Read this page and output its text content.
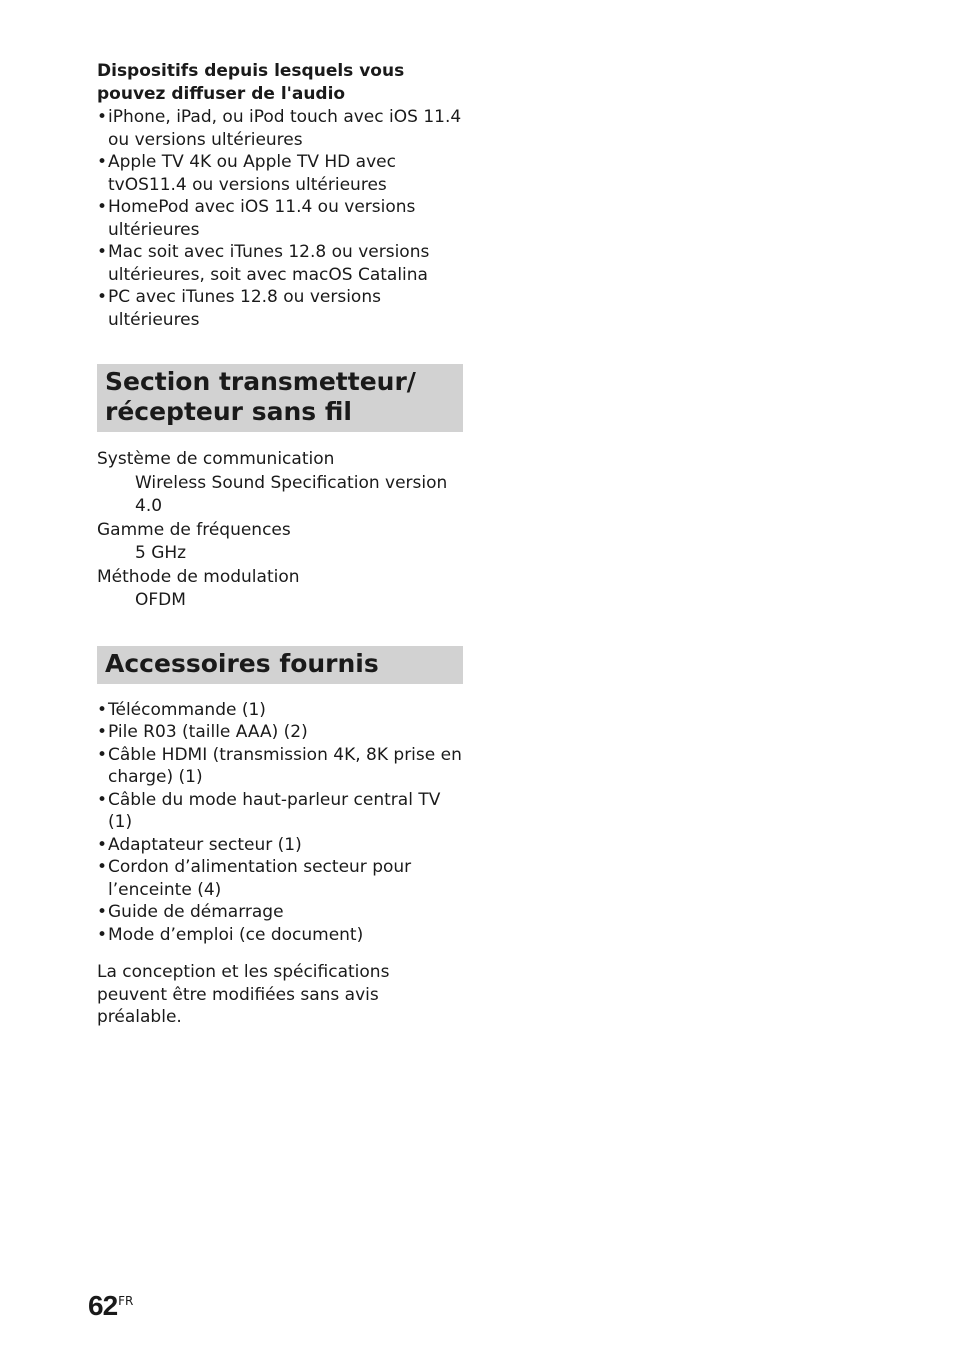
Dispositifs depuis lesquels vous pouvez diffuser de l'audio

• iPhone, iPad, ou iPod touch avec iOS 11.4 ou versions ultérieures
• Apple TV 4K ou Apple TV HD avec tvOS11.4 ou versions ultérieures
• HomePod avec iOS 11.4 ou versions ultérieures
• Mac soit avec iTunes 12.8 ou versions ultérieures, soit avec macOS Catalina
• PC avec iTunes 12.8 ou versions ultérieures
Section transmetteur/ récepteur sans fil
Système de communication
Wireless Sound Specification version 4.0
Gamme de fréquences
5 GHz
Méthode de modulation
OFDM
Accessoires fournis
• Télécommande (1)
• Pile R03 (taille AAA) (2)
• Câble HDMI (transmission 4K, 8K prise en charge) (1)
• Câble du mode haut-parleur central TV (1)
• Adaptateur secteur (1)
• Cordon d’alimentation secteur pour l’enceinte (4)
• Guide de démarrage
• Mode d’emploi (ce document)

La conception et les spécifications peuvent être modifiées sans avis préalable.

$62^{FR}$
